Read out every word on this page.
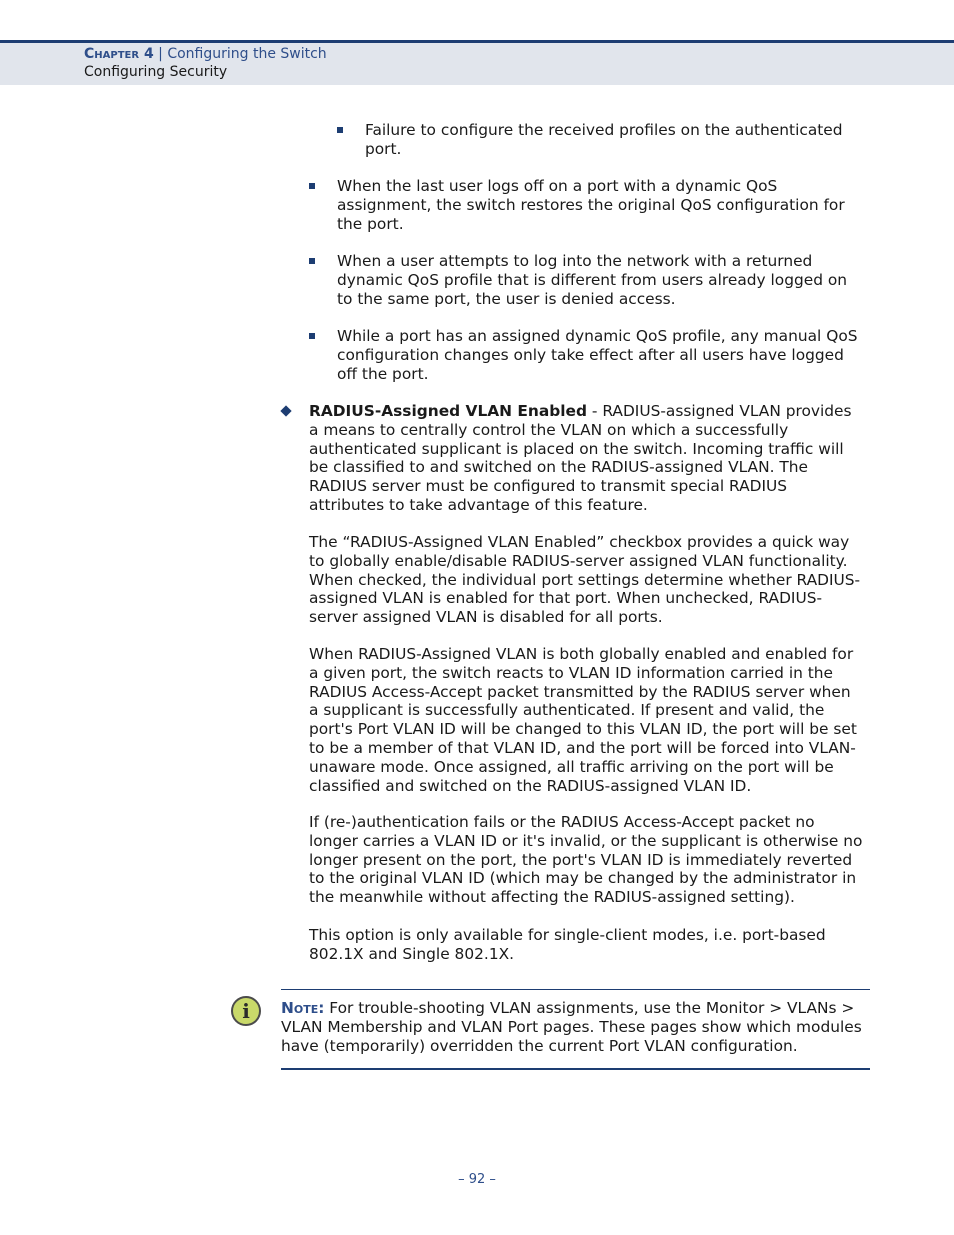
Chapter 4 | Configuring the Switch
Configuring Security
Failure to configure the received profiles on the authenticated
port.
When the last user logs off on a port with a dynamic QoS
assignment, the switch restores the original QoS configuration for
the port.
When a user attempts to log into the network with a returned
dynamic QoS profile that is different from users already logged on
to the same port, the user is denied access.
While a port has an assigned dynamic QoS profile, any manual QoS
configuration changes only take effect after all users have logged
off the port.
RADIUS-Assigned VLAN Enabled - RADIUS-assigned VLAN provides
a means to centrally control the VLAN on which a successfully
authenticated supplicant is placed on the switch. Incoming traffic will
be classified to and switched on the RADIUS-assigned VLAN. The
RADIUS server must be configured to transmit special RADIUS
attributes to take advantage of this feature.
The “RADIUS-Assigned VLAN Enabled” checkbox provides a quick way
to globally enable/disable RADIUS-server assigned VLAN functionality.
When checked, the individual port settings determine whether RADIUS-
assigned VLAN is enabled for that port. When unchecked, RADIUS-
server assigned VLAN is disabled for all ports.
When RADIUS-Assigned VLAN is both globally enabled and enabled for
a given port, the switch reacts to VLAN ID information carried in the
RADIUS Access-Accept packet transmitted by the RADIUS server when
a supplicant is successfully authenticated. If present and valid, the
port's Port VLAN ID will be changed to this VLAN ID, the port will be set
to be a member of that VLAN ID, and the port will be forced into VLAN-
unaware mode. Once assigned, all traffic arriving on the port will be
classified and switched on the RADIUS-assigned VLAN ID.
If (re-)authentication fails or the RADIUS Access-Accept packet no
longer carries a VLAN ID or it's invalid, or the supplicant is otherwise no
longer present on the port, the port's VLAN ID is immediately reverted
to the original VLAN ID (which may be changed by the administrator in
the meanwhile without affecting the RADIUS-assigned setting).
This option is only available for single-client modes, i.e. port-based
802.1X and Single 802.1X.
i	Note: For trouble-shooting VLAN assignments, use the Monitor > VLANs >
VLAN Membership and VLAN Port pages. These pages show which modules
have (temporarily) overridden the current Port VLAN configuration.
– 92 –
